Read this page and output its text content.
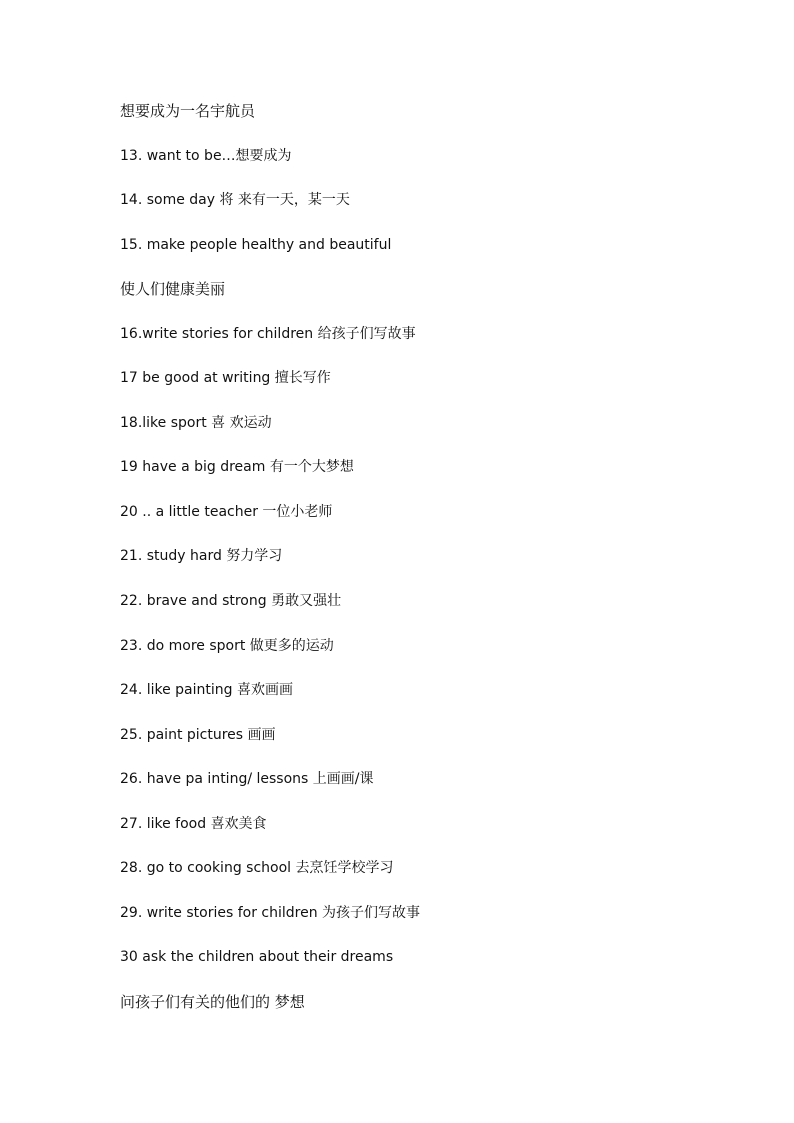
想要成为一名宇航员
13. want to be…想要成为
14. some day 将 来有一天，某一天
15. make people healthy and beautiful
使人们健康美丽
16.write stories for children 给孩子们写故事
17 be good at writing 擅长写作
18.like sport 喜 欢运动
19 have a big dream 有一个大梦想
20 .. a little teacher 一位小老师
21. study hard 努力学习
22. brave and strong 勇敢又强壮
23. do more sport 做更多的运动
24. like painting 喜欢画画
25. paint pictures 画画
26. have pa inting/ lessons 上画画/课
27. like food 喜欢美食
28. go to cooking school 去烹饪学校学习
29. write stories for children 为孩子们写故事
30 ask the children about their dreams
问孩子们有关的他们的 梦想
